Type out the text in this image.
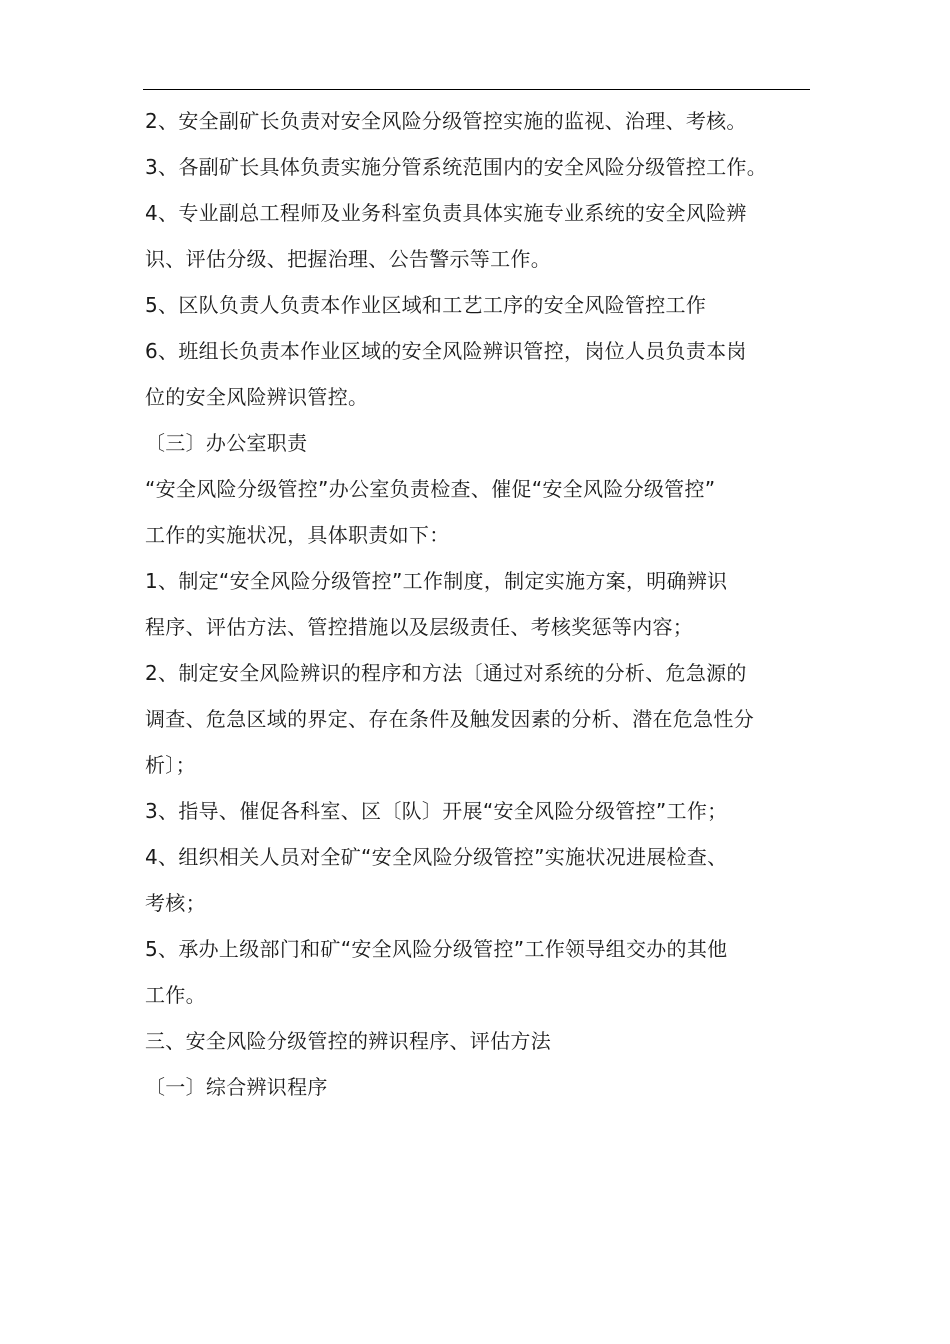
2、安全副矿长负责对安全风险分级管控实施的监视、治理、考核。
3、各副矿长具体负责实施分管系统范围内的安全风险分级管控工作。
4、专业副总工程师及业务科室负责具体实施专业系统的安全风险辨
识、评估分级、把握治理、公告警示等工作。
5、区队负责人负责本作业区域和工艺工序的安全风险管控工作
6、班组长负责本作业区域的安全风险辨识管控，岗位人员负责本岗
位的安全风险辨识管控。
〔三〕办公室职责
“安全风险分级管控”办公室负责检查、催促“安全风险分级管控”
工作的实施状况，具体职责如下：
1、制定“安全风险分级管控”工作制度，制定实施方案，明确辨识
程序、评估方法、管控措施以及层级责任、考核奖惩等内容；
2、制定安全风险辨识的程序和方法〔通过对系统的分析、危急源的
调查、危急区域的界定、存在条件及触发因素的分析、潜在危急性分
析〕；
3、指导、催促各科室、区〔队〕开展“安全风险分级管控”工作；
4、组织相关人员对全矿“安全风险分级管控”实施状况进展检查、
考核；
5、承办上级部门和矿“安全风险分级管控”工作领导组交办的其他
工作。
三、安全风险分级管控的辨识程序、评估方法
〔一〕综合辨识程序
